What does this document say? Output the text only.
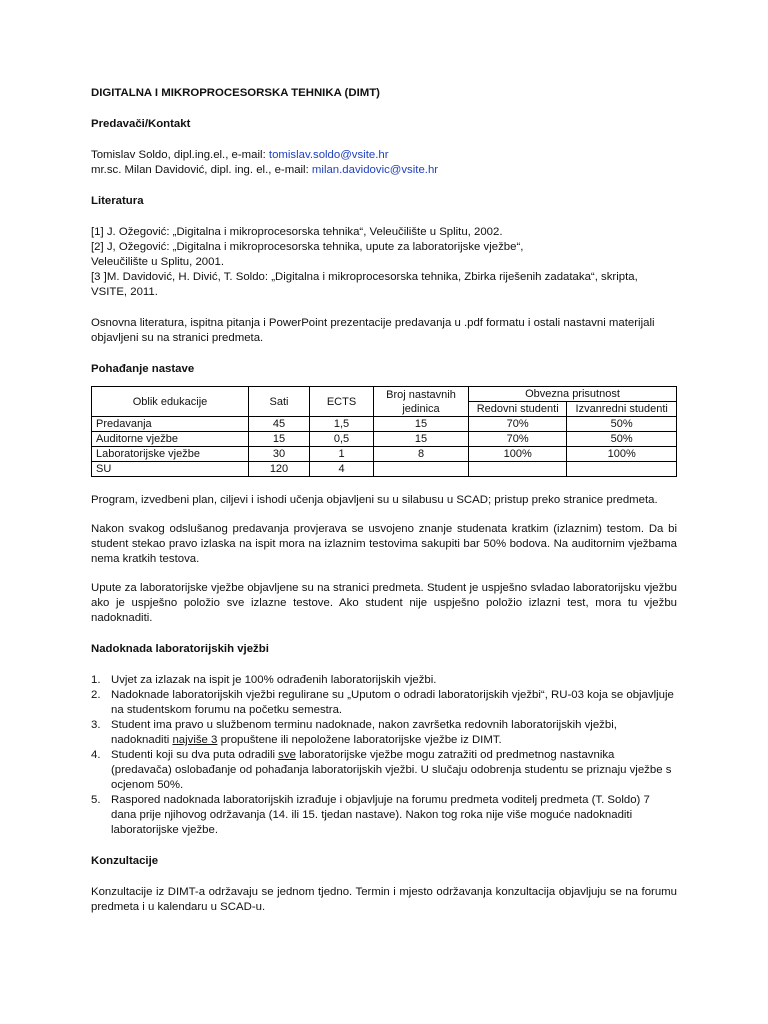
DIGITALNA I MIKROPROCESORSKA TEHNIKA (DIMT)

Predavači/Kontakt

Tomislav Soldo, dipl.ing.el., e-mail: tomislav.soldo@vsite.hr

mr.sc. Milan Davidović, dipl. ing. el., e-mail: milan.davidovic@vsite.hr

Literatura

[1] J. Ožegović: „Digitalna i mikroprocesorska tehnika“, Veleučilište u Splitu, 2002.

[2] J, Ožegović: „Digitalna i mikroprocesorska tehnika, upute za laboratorijske vježbe“,

Veleučilište u Splitu, 2001.

[3 ]M. Davidović, H. Divić, T. Soldo: „Digitalna i mikroprocesorska tehnika, Zbirka riješenih zadataka“, skripta,

VSITE, 2011.

Osnovna literatura, ispitna pitanja i PowerPoint prezentacije predavanja u .pdf formatu i ostali nastavni materijali

objavljeni su na stranici predmeta.

Pohađanje nastave

Oblik edukacije	Sati	ECTS	Broj nastavnih jedinica	Obvezna prisutnost	
				Redovni studenti	Izvanredni studenti
Predavanja	45	1,5	15	70%	50%
Auditorne vježbe	15	0,5	15	70%	50%
Laboratorijske vježbe	30	1	8	100%	100%
SU	120	4			

Program, izvedbeni plan, ciljevi i ishodi učenja objavljeni su u silabusu u SCAD; pristup preko stranice predmeta.

Nakon svakog odslušanog predavanja provjerava se usvojeno znanje studenata kratkim (izlaznim) testom. Da bi student stekao pravo izlaska na ispit mora na izlaznim testovima sakupiti bar 50% bodova. Na auditornim vježbama nema kratkih testova.

Upute za laboratorijske vježbe objavljene su na stranici predmeta. Student je uspješno svladao laboratorijsku vježbu ako je uspješno položio sve izlazne testove. Ako student nije uspješno položio izlazni test, mora tu vježbu nadoknaditi.

Nadoknada laboratorijskih vježbi

1. Uvjet za izlazak na ispit je 100% odrađenih laboratorijskih vježbi.
2. Nadoknade laboratorijskih vježbi regulirane su „Uputom o odradi laboratorijskih vježbi“, RU-03 koja se objavljuje na studentskom forumu na početku semestra.
3. Student ima pravo u službenom terminu nadoknade, nakon završetka redovnih laboratorijskih vježbi, nadoknaditi najviše 3 propuštene ili nepoložene laboratorijske vježbe iz DIMT.
4. Studenti koji su dva puta odradili sve laboratorijske vježbe mogu zatražiti od predmetnog nastavnika (predavača) oslobađanje od pohađanja laboratorijskih vježbi. U slučaju odobrenja studentu se priznaju vježbe s ocjenom 50%.
5. Raspored nadoknada laboratorijskih izrađuje i objavljuje na forumu predmeta voditelj predmeta (T. Soldo) 7 dana prije njihovog održavanja (14. ili 15. tjedan nastave). Nakon tog roka nije više moguće nadoknaditi laboratorijske vježbe.

Konzultacije

Konzultacije iz DIMT-a održavaju se jednom tjedno. Termin i mjesto održavanja konzultacija objavljuju se na forumu predmeta i u kalendaru u SCAD-u.
